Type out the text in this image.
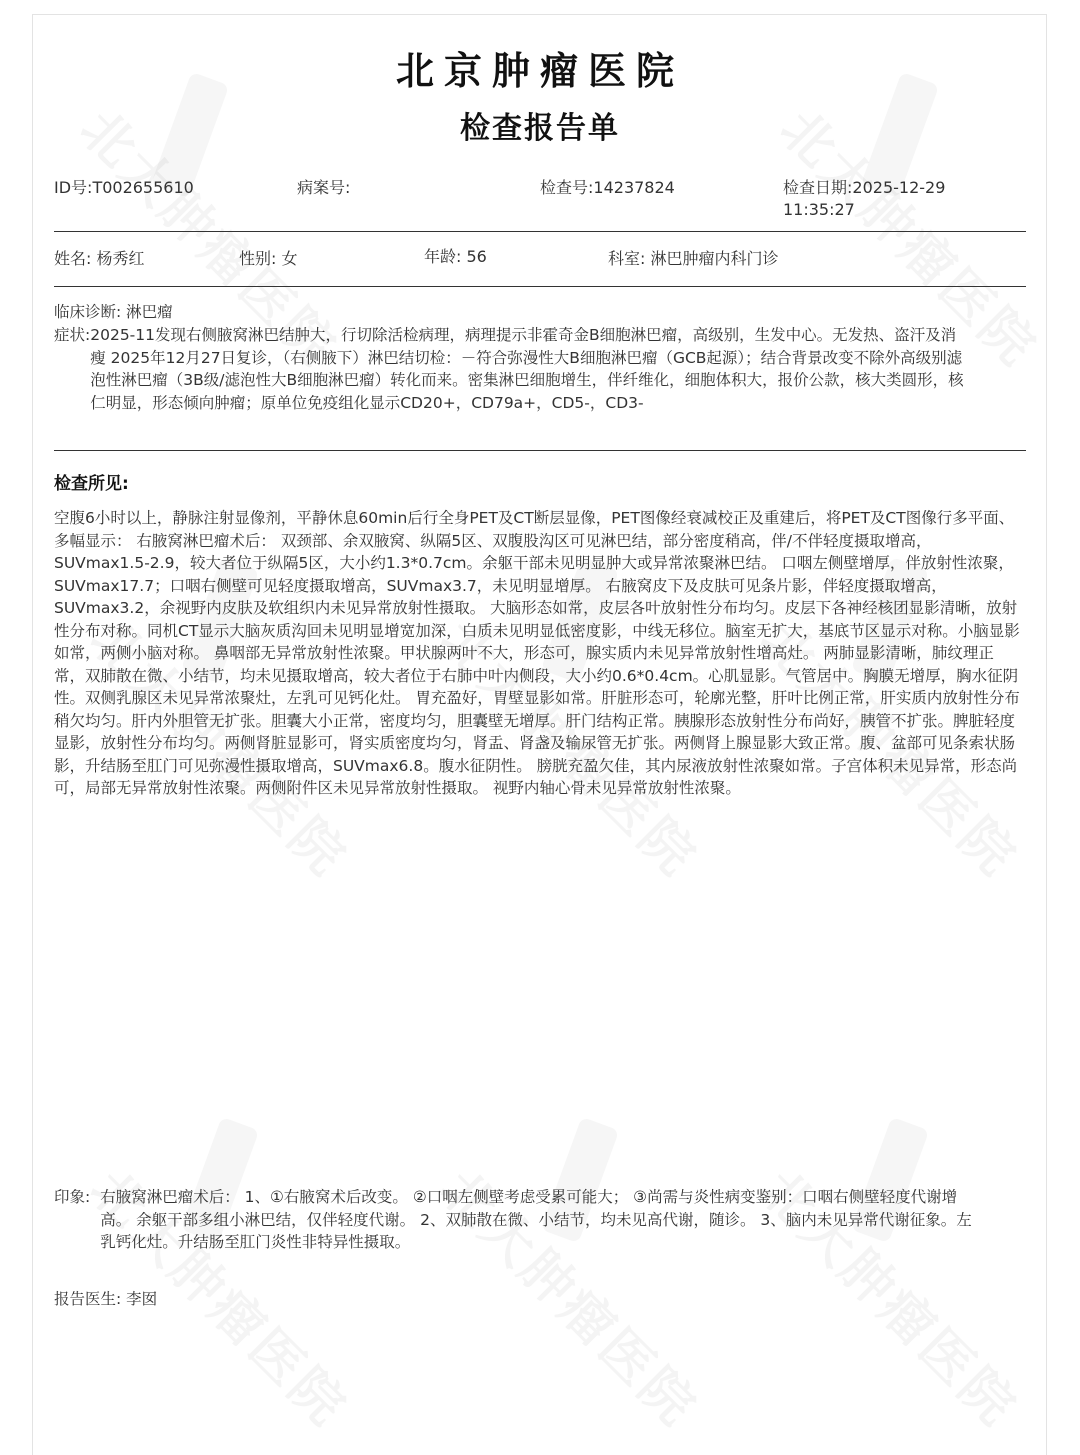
北京肿瘤医院
检查报告单
ID号:T002655610	病案号:	检查号:14237824	检查日期:2025-12-29
11:35:27
姓名: 杨秀红	性别: 女	年龄: 56	科室: 淋巴肿瘤内科门诊
临床诊断: 淋巴瘤
症状: 2025-11发现右侧腋窝淋巴结肿大，行切除活检病理，病理提示非霍奇金B细胞淋巴瘤，高级别，生发中心。无发热、盗汗及消瘦 2025年12月27日复诊，（右侧腋下）淋巴结切检：－符合弥漫性大B细胞淋巴瘤（GCB起源）；结合背景改变不除外高级别滤泡性淋巴瘤（3B级/滤泡性大B细胞淋巴瘤）转化而来。密集淋巴细胞增生，伴纤维化，细胞体积大，报价公款，核大类圆形，核仁明显，形态倾向肿瘤；原单位免疫组化显示CD20+，CD79a+，CD5-，CD3-
检查所见:
空腹6小时以上，静脉注射显像剂，平静休息60min后行全身PET及CT断层显像，PET图像经衰减校正及重建后，将PET及CT图像行多平面、多幅显示： 右腋窝淋巴瘤术后： 双颈部、余双腋窝、纵隔5区、双腹股沟区可见淋巴结，部分密度稍高，伴/不伴轻度摄取增高，SUVmax1.5-2.9，较大者位于纵隔5区，大小约1.3*0.7cm。余躯干部未见明显肿大或异常浓聚淋巴结。 口咽左侧壁增厚，伴放射性浓聚，SUVmax17.7；口咽右侧壁可见轻度摄取增高，SUVmax3.7，未见明显增厚。 右腋窝皮下及皮肤可见条片影，伴轻度摄取增高，SUVmax3.2，余视野内皮肤及软组织内未见异常放射性摄取。 大脑形态如常，皮层各叶放射性分布均匀。皮层下各神经核团显影清晰，放射性分布对称。同机CT显示大脑灰质沟回未见明显增宽加深，白质未见明显低密度影，中线无移位。脑室无扩大，基底节区显示对称。小脑显影如常，两侧小脑对称。 鼻咽部无异常放射性浓聚。甲状腺两叶不大，形态可，腺实质内未见异常放射性增高灶。 两肺显影清晰，肺纹理正常，双肺散在微、小结节，均未见摄取增高，较大者位于右肺中叶内侧段，大小约0.6*0.4cm。心肌显影。气管居中。胸膜无增厚，胸水征阴性。双侧乳腺区未见异常浓聚灶，左乳可见钙化灶。 胃充盈好，胃壁显影如常。肝脏形态可，轮廓光整，肝叶比例正常，肝实质内放射性分布稍欠均匀。肝内外胆管无扩张。胆囊大小正常，密度均匀，胆囊壁无增厚。肝门结构正常。胰腺形态放射性分布尚好，胰管不扩张。脾脏轻度显影，放射性分布均匀。两侧肾脏显影可，肾实质密度均匀，肾盂、肾盏及输尿管无扩张。两侧肾上腺显影大致正常。腹、盆部可见条索状肠影，升结肠至肛门可见弥漫性摄取增高，SUVmax6.8。腹水征阴性。 膀胱充盈欠佳，其内尿液放射性浓聚如常。子宫体积未见异常，形态尚可，局部无异常放射性浓聚。两侧附件区未见异常放射性摄取。 视野内轴心骨未见异常放射性浓聚。
印象: 右腋窝淋巴瘤术后： 1、①右腋窝术后改变。 ②口咽左侧壁考虑受累可能大； ③尚需与炎性病变鉴别：口咽右侧壁轻度代谢增高。 余躯干部多组小淋巴结，仅伴轻度代谢。 2、双肺散在微、小结节，均未见高代谢，随诊。 3、脑内未见异常代谢征象。左乳钙化灶。升结肠至肛门炎性非特异性摄取。
报告医生: 李囡
